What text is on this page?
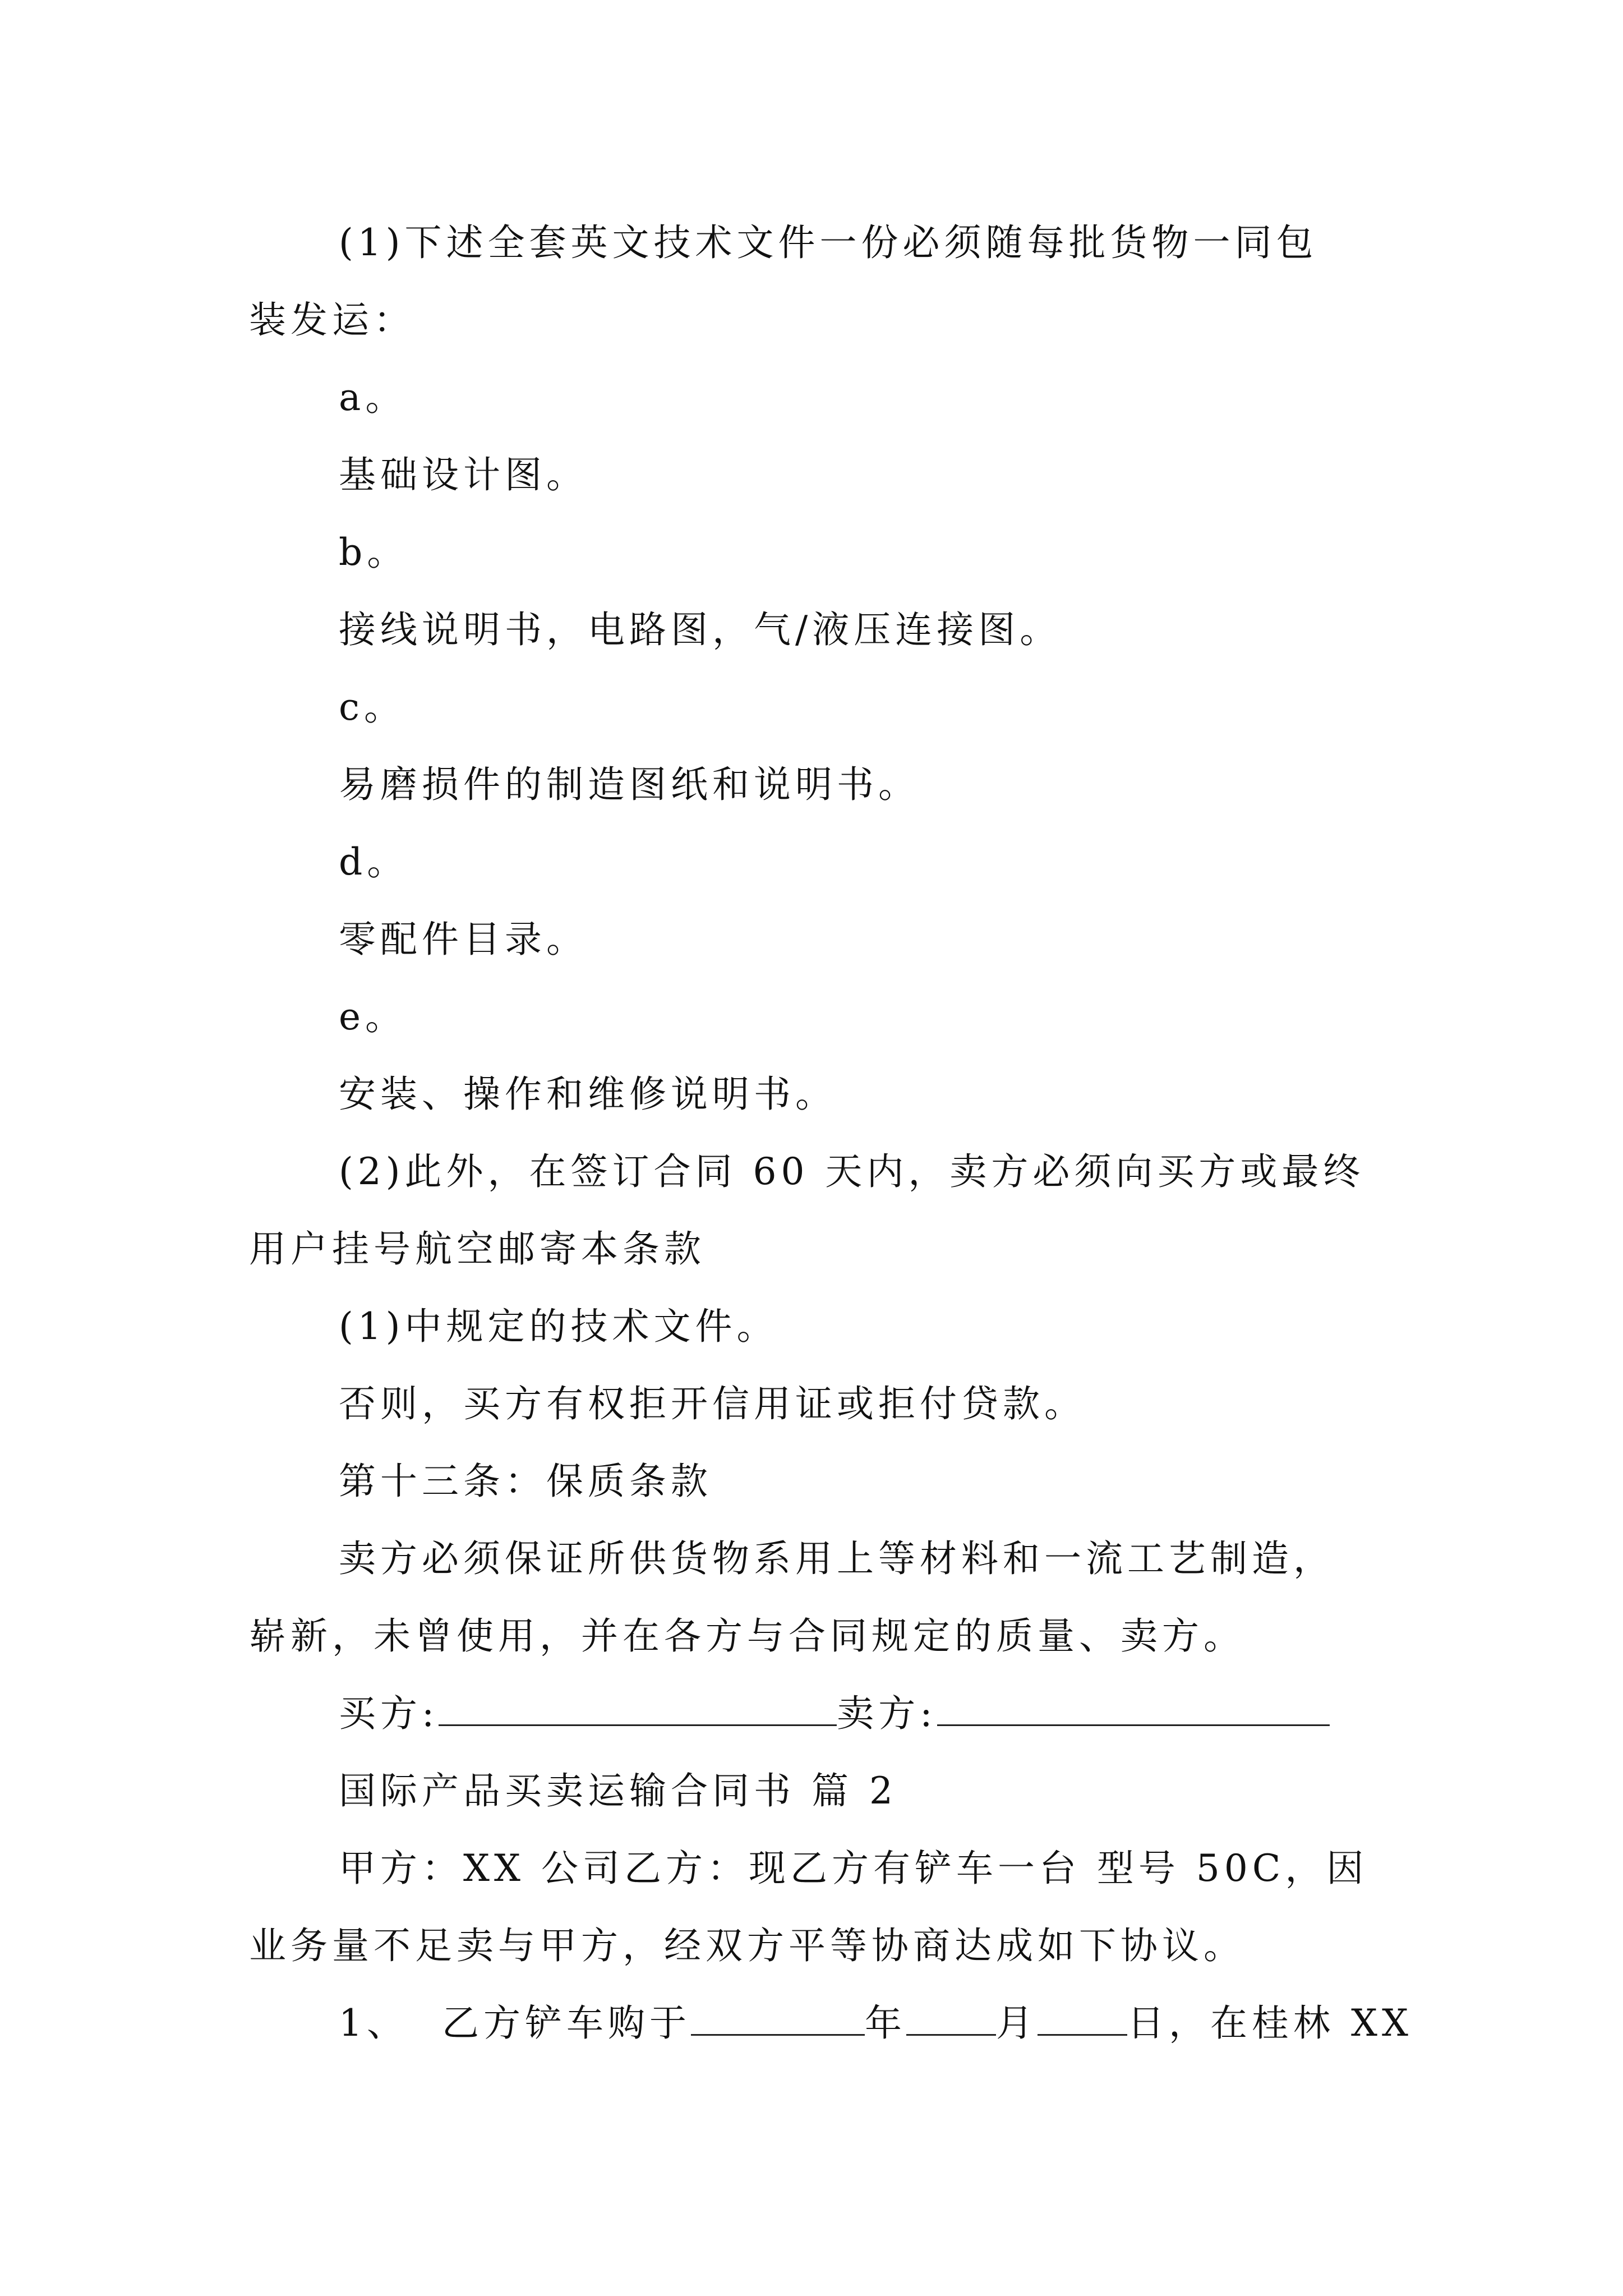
(1)下述全套英文技术文件一份必须随每批货物一同包
装发运：
a。
基础设计图。
b。
接线说明书，电路图，气/液压连接图。
c。
易磨损件的制造图纸和说明书。
d。
零配件目录。
e。
安装、操作和维修说明书。
(2)此外，在签订合同 60 天内，卖方必须向买方或最终
用户挂号航空邮寄本条款
(1)中规定的技术文件。
否则，买方有权拒开信用证或拒付贷款。
第十三条：保质条款
卖方必须保证所供货物系用上等材料和一流工艺制造，
崭新，未曾使用，并在各方与合同规定的质量、卖方。
买方:	卖方:
国际产品买卖运输合同书 篇 2
甲方：XX 公司乙方：现乙方有铲车一台 型号 50C，因
业务量不足卖与甲方，经双方平等协商达成如下协议。
1、 乙方铲车购于	年 月 日，在桂林 XX
